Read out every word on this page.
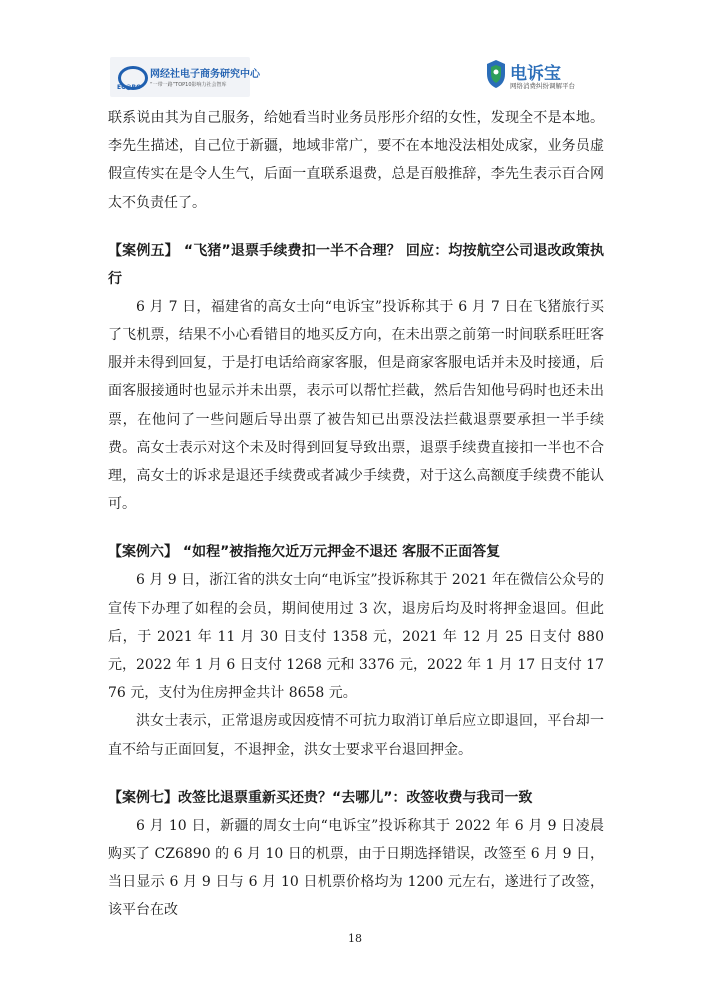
EC@RC
网经社电子商务研究中心
“一带一路”TOP10影响力社会智库
电诉宝
网络消费纠纷调解平台

联系说由其为自己服务，给她看当时业务员彤彤介绍的女性，发现全不是本地。李先生描述，自己位于新疆，地域非常广，要不在本地没法相处成家，业务员虚假宣传实在是令人生气，后面一直联系退费，总是百般推辞，李先生表示百合网太不负责任了。

【案例五】 “飞猪”退票手续费扣一半不合理？ 回应：均按航空公司退改政策执行

6 月 7 日，福建省的高女士向“电诉宝”投诉称其于 6 月 7 日在飞猪旅行买了飞机票，结果不小心看错目的地买反方向，在未出票之前第一时间联系旺旺客服并未得到回复，于是打电话给商家客服，但是商家客服电话并未及时接通，后面客服接通时也显示并未出票，表示可以帮忙拦截，然后告知他号码时也还未出票，在他问了一些问题后导出票了被告知已出票没法拦截退票要承担一半手续费。高女士表示对这个未及时得到回复导致出票，退票手续费直接扣一半也不合理，高女士的诉求是退还手续费或者减少手续费，对于这么高额度手续费不能认可。

【案例六】 “如程”被指拖欠近万元押金不退还 客服不正面答复

6 月 9 日，浙江省的洪女士向“电诉宝”投诉称其于 2021 年在微信公众号的宣传下办理了如程的会员，期间使用过 3 次，退房后均及时将押金退回。但此后，于 2021 年 11 月 30 日支付 1358 元，2021 年 12 月 25 日支付 880 元，2022 年 1 月 6 日支付 1268 元和 3376 元，2022 年 1 月 17 日支付 1776 元，支付为住房押金共计 8658 元。

洪女士表示，正常退房或因疫情不可抗力取消订单后应立即退回，平台却一直不给与正面回复，不退押金，洪女士要求平台退回押金。

【案例七】改签比退票重新买还贵？“去哪儿”：改签收费与我司一致

6 月 10 日，新疆的周女士向“电诉宝”投诉称其于 2022 年 6 月 9 日凌晨购买了 CZ6890 的 6 月 10 日的机票，由于日期选择错误，改签至 6 月 9 日，当日显示 6 月 9 日与 6 月 10 日机票价格均为 1200 元左右，遂进行了改签，该平台在改

18
